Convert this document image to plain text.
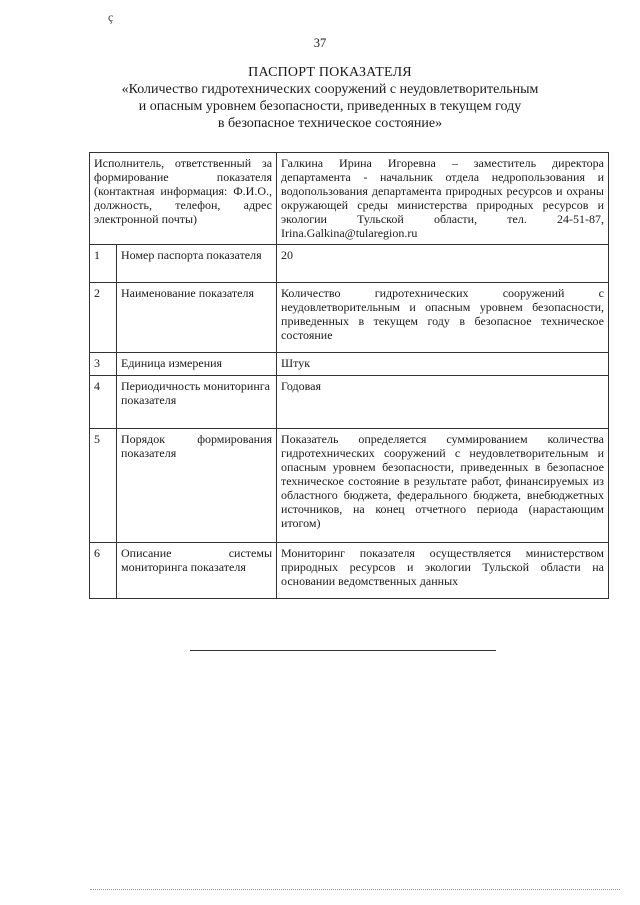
ç
37
ПАСПОРТ ПОКАЗАТЕЛЯ
«Количество гидротехнических сооружений с неудовлетворительным
и опасным уровнем безопасности, приведенных в текущем году
в безопасное техническое состояние»
Исполнитель, ответственный за формирование показателя (контактная информация: Ф.И.О., должность, телефон, адрес электронной почты)		Галкина Ирина Игоревна – заместитель директора департамента - начальник отдела недропользования и водопользования департамента природных ресурсов и охраны окружающей среды министерства природных ресурсов и экологии Тульской области, тел. 24-51-87, Irina.Galkina@tularegion.ru
1	Номер паспорта показателя	20
2	Наименование показателя	Количество гидротехнических сооружений с неудовлетворительным и опасным уровнем безопасности, приведенных в текущем году в безопасное техническое состояние
3	Единица измерения	Штук
4	Периодичность мониторинга показателя	Годовая
5	Порядок формирования показателя	Показатель определяется суммированием количества гидротехнических сооружений с неудовлетворительным и опасным уровнем безопасности, приведенных в безопасное техническое состояние в результате работ, финансируемых из областного бюджета, федерального бюджета, внебюджетных источников, на конец отчетного периода (нарастающим итогом)
6	Описание системы мониторинга показателя	Мониторинг показателя осуществляется министерством природных ресурсов и экологии Тульской области на основании ведомственных данных
